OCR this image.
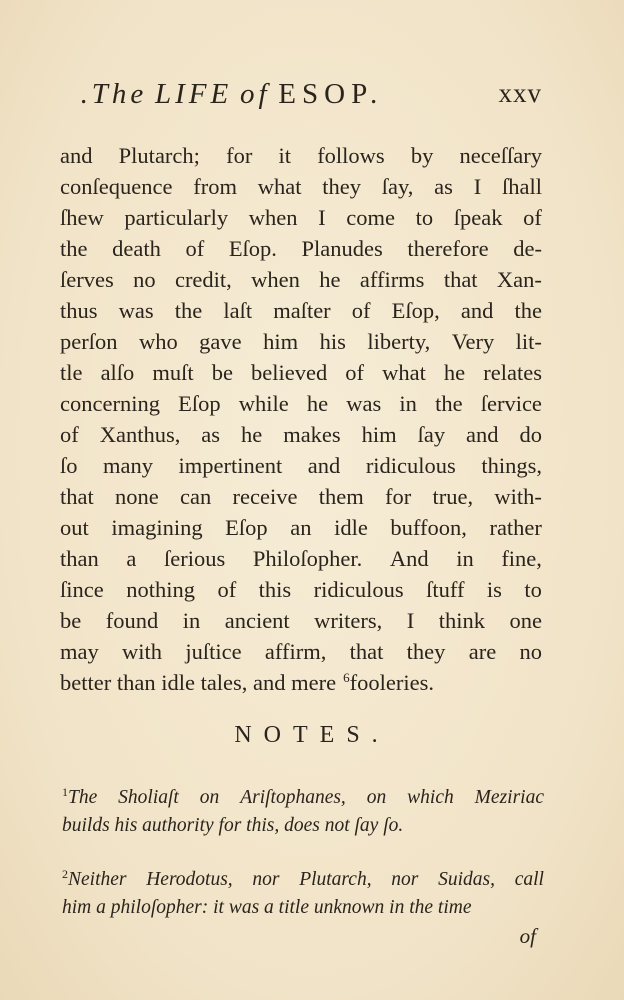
. The LIFE of ESOP.	xxv
and Plutarch; for it follows by neceſſary
conſequence from what they ſay, as I ſhall
ſhew particularly when I come to ſpeak of
the death of Eſop. Planudes therefore de-
ſerves no credit, when he affirms that Xan-
thus was the laſt maſter of Eſop, and the
perſon who gave him his liberty, Very lit-
tle alſo muſt be believed of what he relates
concerning Eſop while he was in the ſervice
of Xanthus, as he makes him ſay and do
ſo many impertinent and ridiculous things,
that none can receive them for true, with-
out imagining Eſop an idle buffoon, rather
than a ſerious Philoſopher. And in fine,
ſince nothing of this ridiculous ſtuff is to
be found in ancient writers, I think one
may with juſtice affirm, that they are no
better than idle tales, and mere $^6$fooleries.
NOTES.
$^1$The Sholiaſt on Ariſtophanes, on which Meziriac
builds his authority for this, does not ſay ſo.
$^2$Neither Herodotus, nor Plutarch, nor Suidas, call
him a philoſopher: it was a title unknown in the time
of
